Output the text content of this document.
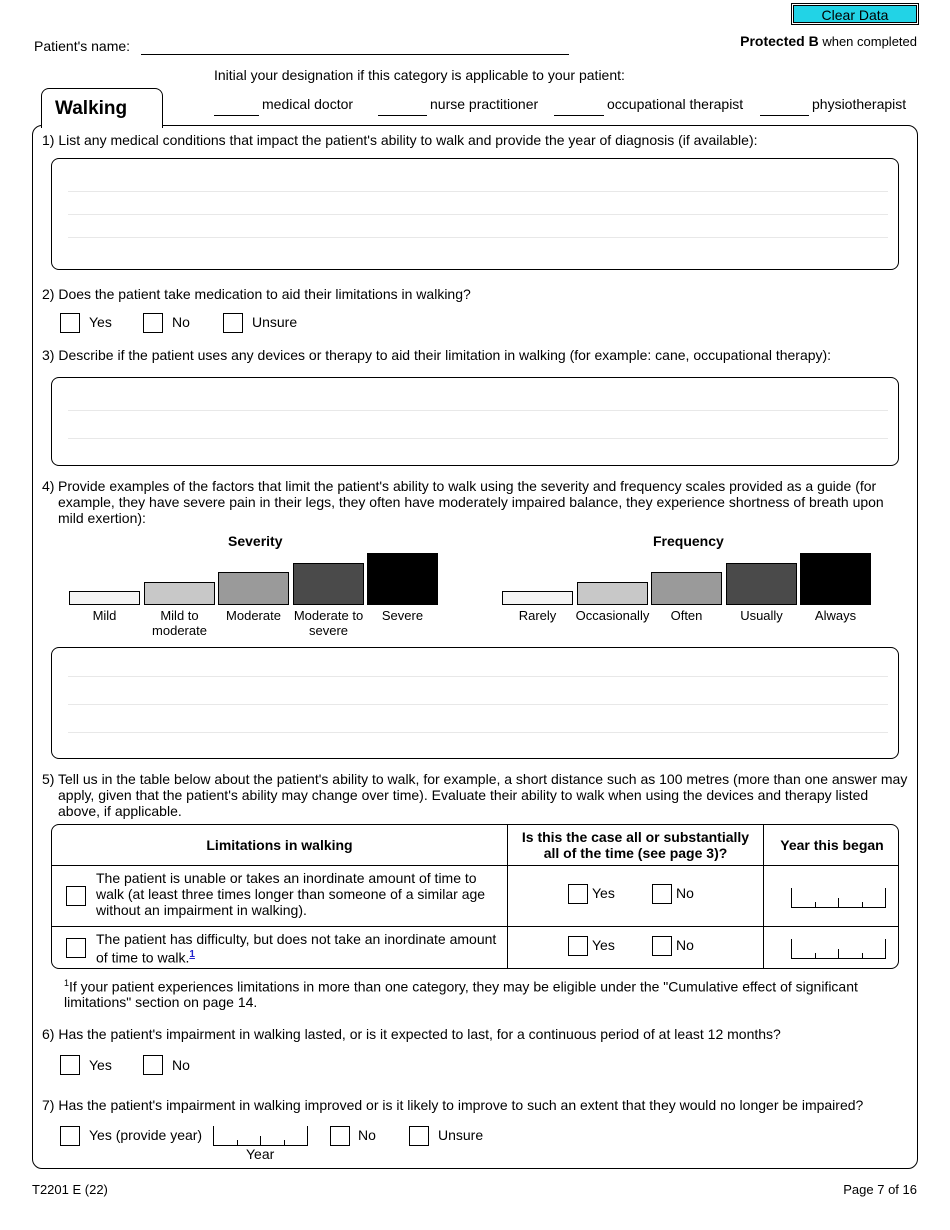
Clear Data
Patient's name:	Protected B when completed
Initial your designation if this category is applicable to your patient:
medical doctor	nurse practitioner	occupational therapist	physiotherapist
Walking
1) List any medical conditions that impact the patient's ability to walk and provide the year of diagnosis (if available):
2) Does the patient take medication to aid their limitations in walking?
Yes	No	Unsure
3) Describe if the patient uses any devices or therapy to aid their limitation in walking (for example: cane, occupational therapy):
4) Provide examples of the factors that limit the patient's ability to walk using the severity and frequency scales provided as a guide (for example, they have severe pain in their legs, they often have moderately impaired balance, they experience shortness of breath upon mild exertion):
Severity	Frequency
Mild	Mild to moderate
Moderate Moderate to severe
Severe	Rarely	Occasionally	Often	Usually	Always
5) Tell us in the table below about the patient's ability to walk, for example, a short distance such as 100 metres (more than one answer may apply, given that the patient's ability may change over time). Evaluate their ability to walk when using the devices and therapy listed above, if applicable.
Limitations in walking	Is this the case all or substantially all of the time (see page 3)?	Year this began
The patient is unable or takes an inordinate amount of time to walk (at least three times longer than someone of a similar age without an impairment in walking).
Yes	No
The patient has difficulty, but does not take an inordinate amount of time to walk.$^1$
Yes	No
$^1$If your patient experiences limitations in more than one category, they may be eligible under the "Cumulative effect of significant limitations" section on page 14.
6) Has the patient's impairment in walking lasted, or is it expected to last, for a continuous period of at least 12 months?
Yes	No
7) Has the patient's impairment in walking improved or is it likely to improve to such an extent that they would no longer be impaired?
Yes (provide year)
Year
No	Unsure
T2201 E (22)	Page 7 of 16
